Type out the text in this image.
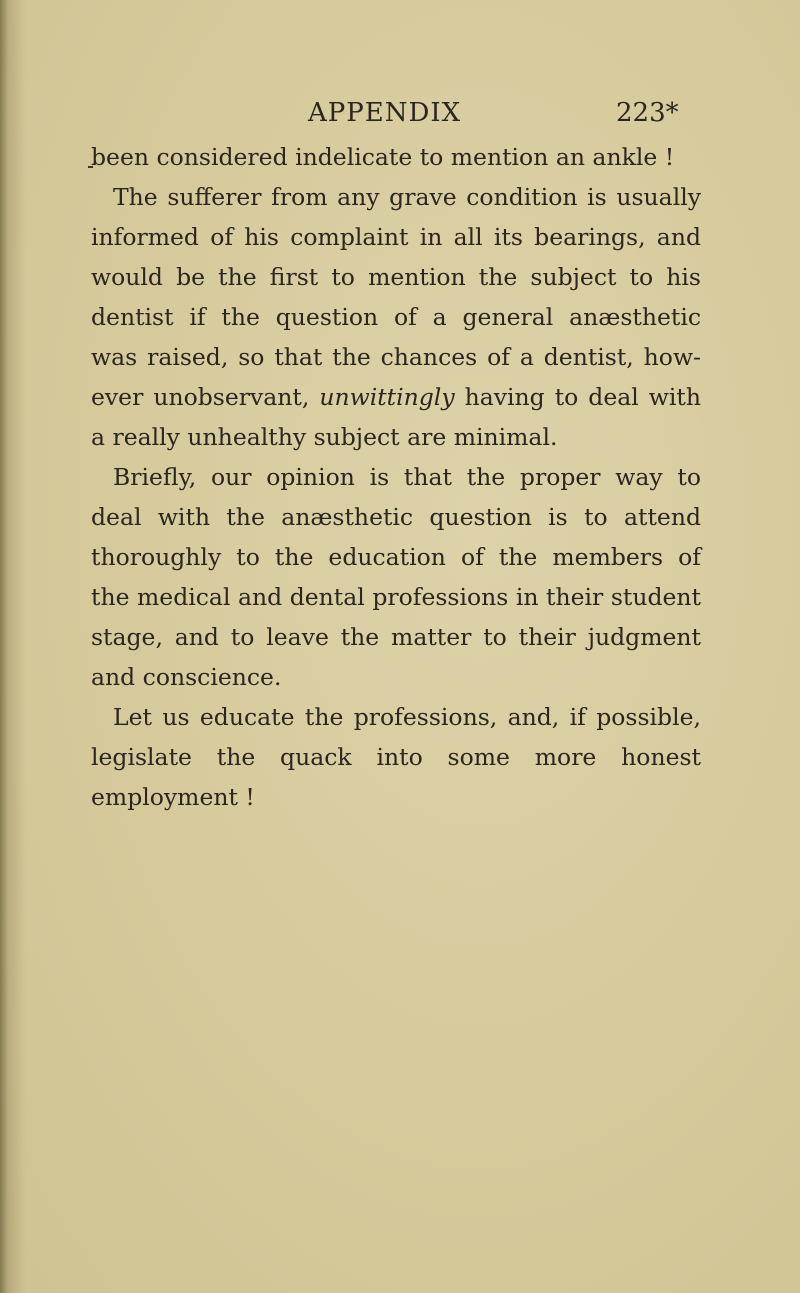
APPENDIX	223*
been considered indelicate to mention an ankle !
The sufferer from any grave condition is usually
informed of his complaint in all its bearings, and
would be the first to mention the subject to his
dentist if the question of a general anæsthetic
was raised, so that the chances of a dentist, how-
ever unobservant, unwittingly having to deal with
a really unhealthy subject are minimal.
Briefly, our opinion is that the proper way to
deal with the anæsthetic question is to attend
thoroughly to the education of the members of
the medical and dental professions in their student
stage, and to leave the matter to their judgment
and conscience.
Let us educate the professions, and, if possible,
legislate the quack into some more honest
employment !
